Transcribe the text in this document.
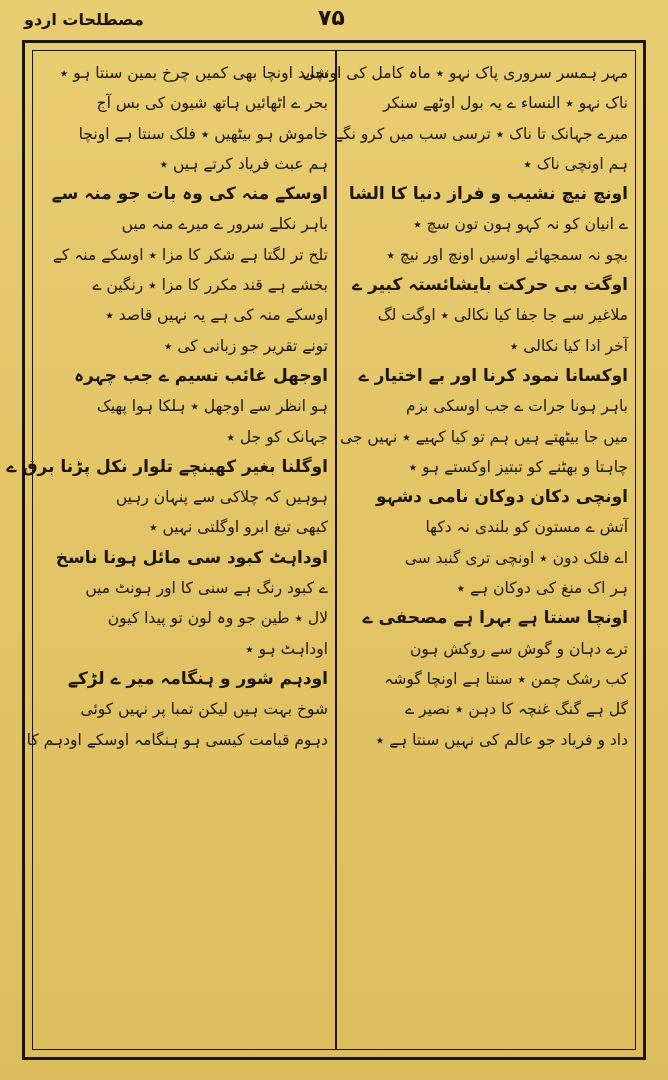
مصطلحات اردو	۷۵
مہر ہمسر سروری پاک نہو ٭ ماہ کامل کی اونچی
ناک نہو ٭ النساء ے یہ بول اوٹھے سنکر
میرے جہانک تا ناک ٭ ترسی سب میں کرو نگے
ہم اونچی ناک ٭
اونچ نیچ نشیب و فراز دنیا کا الشا
ے انیان کو نہ کہو ہون تون سچ ٭
بچو نہ سمجھائے اوسیں اونچ اور نیچ ٭
اوگت بی حرکت بایشائستہ کبیر ے
ملاغیر سے جا جفا کیا نکالی ٭ اوگت لگ
آخر ادا کیا نکالی ٭
اوکسانا نمود کرنا اور بے اختیار ے
باہر ہونا جرات ے جب اوسکی بزم
میں جا بیٹھتے ہیں ہم تو کیا کہیے ٭ نہیں جی
چاہتا و بھٹنے کو تبتیز اوکستے ہو ٭
اونچی دکان دوکان نامی دشہو
آتش ے مستون کو بلندی نہ دکھا
اے فلک دون ٭ اونچی تری گنبد سی
ہر اک منغ کی دوکان ہے ٭
اونچا سنتا ہے بہرا ہے مصحفی ے
ترے دہان و گوش سے روکش ہون
کب رشک چمن ٭ سنتا ہے اونچا گوشہ
گل ہے گنگ غنچہ کا دہن ٭ نصیر ے
داد و فریاد جو عالم کی نہیں سنتا ہے ٭
شاید اونچا بھی کمیں چرخ بمین سنتا ہو ٭
بحر ے اٹھائیں ہاتھ شیون کی بس آج
خاموش ہو بیٹھیں ٭ فلک سنتا ہے اونچا
ہم عبث فریاد کرتے ہیں ٭
اوسکے منہ کی وہ بات جو منہ سے
باہر نکلے سرور ے میرے منہ میں
تلخ تر لگتا ہے شکر کا مزا ٭ اوسکے منہ کے
بخشے ہے قند مکرر کا مزا ٭ رنگین ے
اوسکے منہ کی ہے یہ نہیں قاصد ٭
تونے تقریر جو زبانی کی ٭
اوجھل غائب نسیم ے جب چہرہ
ہو انظر سے اوجھل ٭ ہلکا ہوا پھیک
جہانک کو جل ٭
اوگلنا بغیر کھینچے تلوار نکل پڑنا برق ے
ہوہیں کہ چلاکی سے پنہان رہیں
کبھی تیغ ابرو اوگلتی نہیں ٭
اوداہٹ کبود سی مائل ہونا ناسخ
ے کبود رنگ ہے سنی کا اور ہونٹ میں
لال ٭ طین جو وہ لون تو پیدا کیون
اوداہٹ ہو ٭
اودہم شور و ہنگامہ میر ے لڑکے
شوخ بہت ہیں لیکن تمبا پر نہیں کوئی
دہوم قیامت کیسی ہو ہنگامہ اوسکے اودہم کا
